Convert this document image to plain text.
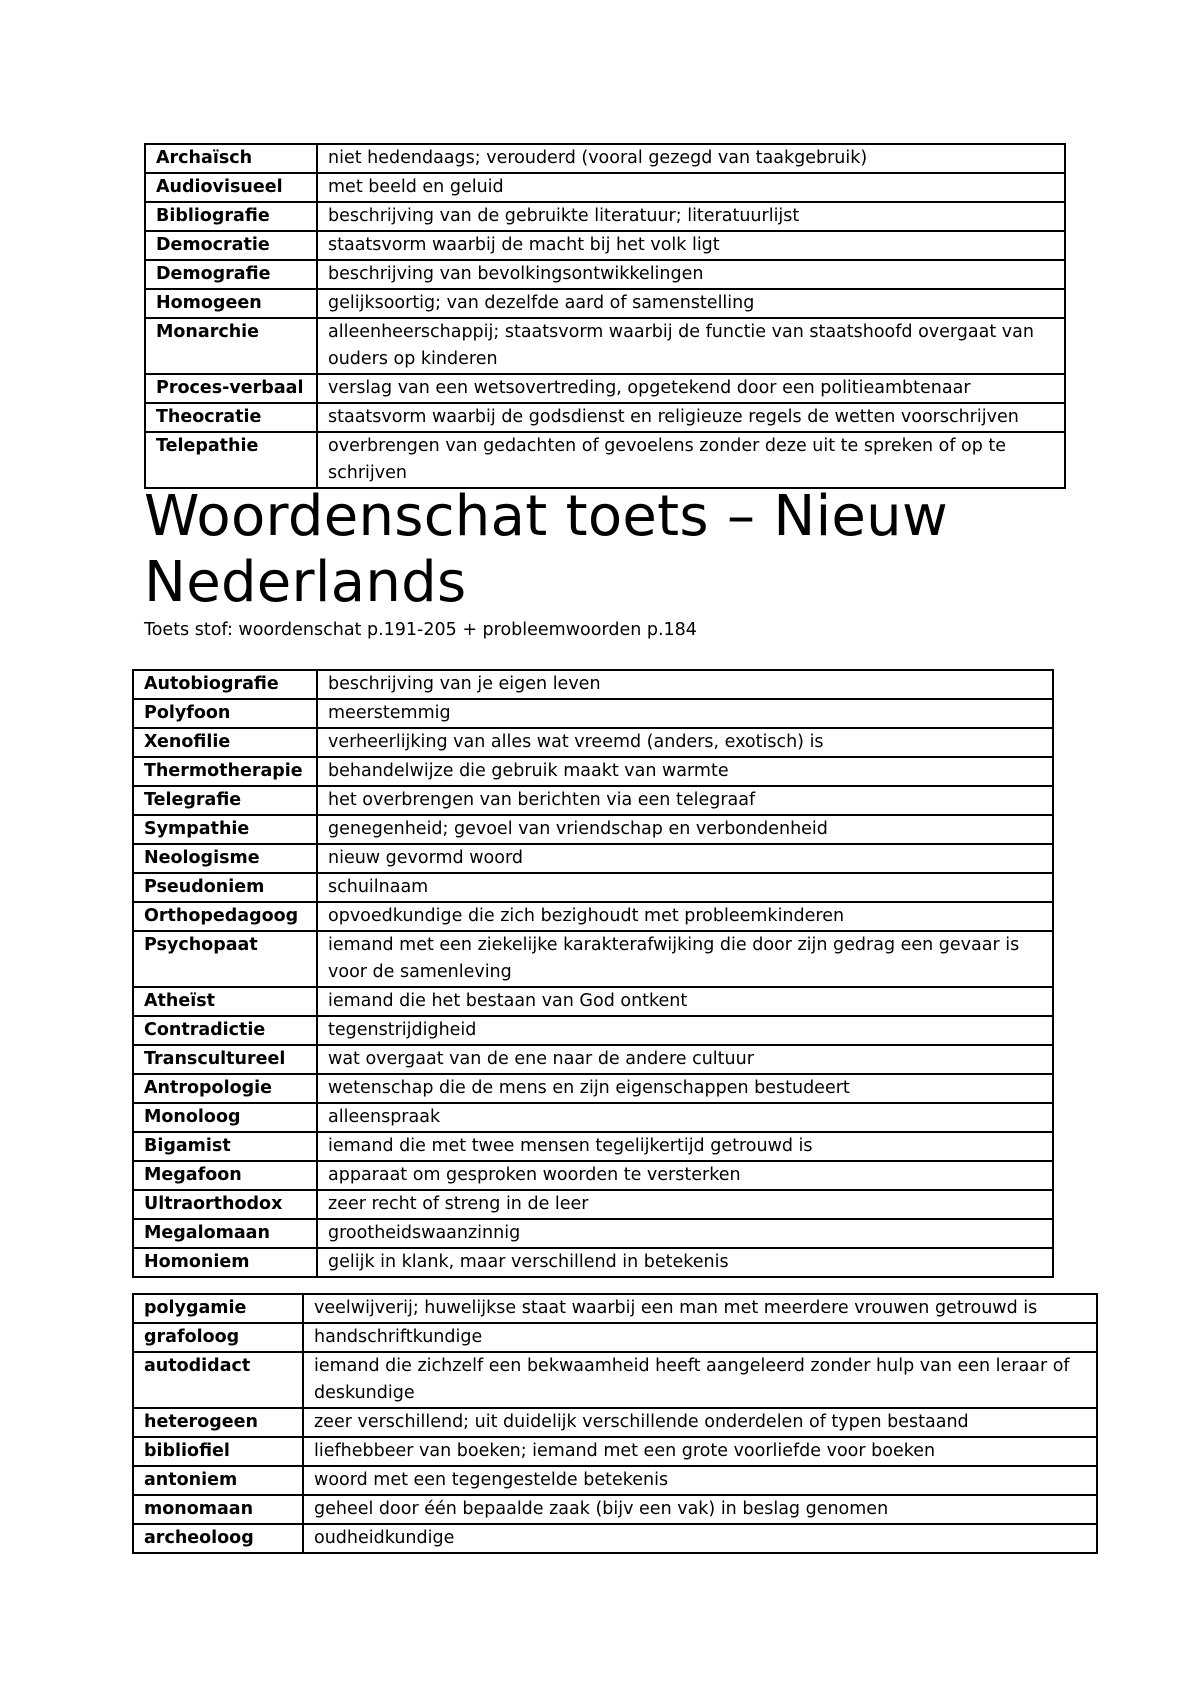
Archaïsch	niet hedendaags; verouderd (vooral gezegd van taakgebruik)
Audiovisueel	met beeld en geluid
Bibliografie	beschrijving van de gebruikte literatuur; literatuurlijst
Democratie	staatsvorm waarbij de macht bij het volk ligt
Demografie	beschrijving van bevolkingsontwikkelingen
Homogeen	gelijksoortig; van dezelfde aard of samenstelling
Monarchie	alleenheerschappij; staatsvorm waarbij de functie van staatshoofd overgaat van ouders op kinderen
Proces-verbaal	verslag van een wetsovertreding, opgetekend door een politieambtenaar
Theocratie	staatsvorm waarbij de godsdienst en religieuze regels de wetten voorschrijven
Telepathie	overbrengen van gedachten of gevoelens zonder deze uit te spreken of op te schrijven
Woordenschat toets – Nieuw Nederlands

Toets stof: woordenschat p.191-205 + probleemwoorden p.184

Autobiografie	beschrijving van je eigen leven
Polyfoon	meerstemmig
Xenofilie	verheerlijking van alles wat vreemd (anders, exotisch) is
Thermotherapie	behandelwijze die gebruik maakt van warmte
Telegrafie	het overbrengen van berichten via een telegraaf
Sympathie	genegenheid; gevoel van vriendschap en verbondenheid
Neologisme	nieuw gevormd woord
Pseudoniem	schuilnaam
Orthopedagoog	opvoedkundige die zich bezighoudt met probleemkinderen
Psychopaat	iemand met een ziekelijke karakterafwijking die door zijn gedrag een gevaar is voor de samenleving
Atheïst	iemand die het bestaan van God ontkent
Contradictie	tegenstrijdigheid
Transcultureel	wat overgaat van de ene naar de andere cultuur
Antropologie	wetenschap die de mens en zijn eigenschappen bestudeert
Monoloog	alleenspraak
Bigamist	iemand die met twee mensen tegelijkertijd getrouwd is
Megafoon	apparaat om gesproken woorden te versterken
Ultraorthodox	zeer recht of streng in de leer
Megalomaan	grootheidswaanzinnig
Homoniem	gelijk in klank, maar verschillend in betekenis
polygamie	veelwijverij; huwelijkse staat waarbij een man met meerdere vrouwen getrouwd is
grafoloog	handschriftkundige
autodidact	iemand die zichzelf een bekwaamheid heeft aangeleerd zonder hulp van een leraar of deskundige
heterogeen	zeer verschillend; uit duidelijk verschillende onderdelen of typen bestaand
bibliofiel	liefhebbeer van boeken; iemand met een grote voorliefde voor boeken
antoniem	woord met een tegengestelde betekenis
monomaan	geheel door één bepaalde zaak (bijv een vak) in beslag genomen
archeoloog	oudheidkundige
